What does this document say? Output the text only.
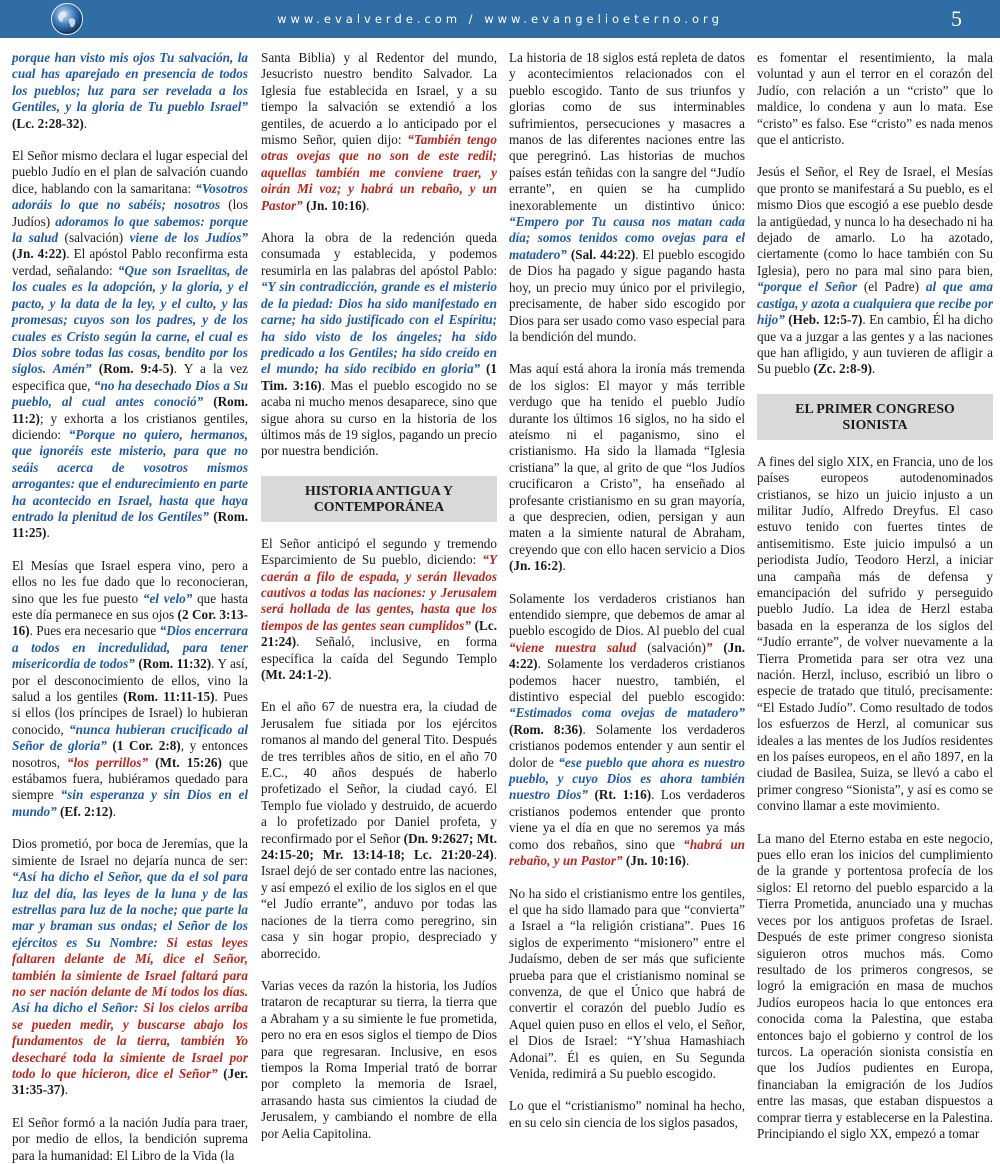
www.evalverde.com / www.evangelioeterno.org	5

porque han visto mis ojos Tu salvación, la cual has aparejado en presencia de todos los pueblos; luz para ser revelada a los Gentiles, y la gloria de Tu pueblo Israel” (Lc. 2:28-32).

El Señor mismo declara el lugar especial del pueblo Judío en el plan de salvación cuando dice, hablando con la samaritana: “Vosotros adoráis lo que no sabéis; nosotros (los Judíos) adoramos lo que sabemos: porque la salud (salvación) viene de los Judíos” (Jn. 4:22). El apóstol Pablo reconfirma esta verdad, señalando: “Que son Israelitas, de los cuales es la adopción, y la gloria, y el pacto, y la data de la ley, y el culto, y las promesas; cuyos son los padres, y de los cuales es Cristo según la carne, el cual es Dios sobre todas las cosas, bendito por los siglos. Amén” (Rom. 9:4-5). Y a la vez especifica que, “no ha desechado Dios a Su pueblo, al cual antes conoció” (Rom. 11:2); y exhorta a los cristianos gentiles, diciendo: “Porque no quiero, hermanos, que ignoréis este misterio, para que no seáis acerca de vosotros mismos arrogantes: que el endurecimiento en parte ha acontecido en Israel, hasta que haya entrado la plenitud de los Gentiles” (Rom. 11:25).

El Mesías que Israel espera vino, pero a ellos no les fue dado que lo reconocieran, sino que les fue puesto “el velo” que hasta este día permanece en sus ojos (2 Cor. 3:13-16). Pues era necesario que “Dios encerrara a todos en incredulidad, para tener misericordia de todos” (Rom. 11:32). Y así, por el desconocimiento de ellos, vino la salud a los gentiles (Rom. 11:11-15). Pues si ellos (los príncipes de Israel) lo hubieran conocido, “nunca hubieran crucificado al Señor de gloria” (1 Cor. 2:8), y entonces nosotros, “los perrillos” (Mt. 15:26) que estábamos fuera, hubiéramos quedado para siempre “sin esperanza y sin Dios en el mundo” (Ef. 2:12).

Dios prometió, por boca de Jeremías, que la simiente de Israel no dejaría nunca de ser: “Así ha dicho el Señor, que da el sol para luz del día, las leyes de la luna y de las estrellas para luz de la noche; que parte la mar y braman sus ondas; el Señor de los ejércitos es Su Nombre: Si estas leyes faltaren delante de Mí, dice el Señor, también la simiente de Israel faltará para no ser nación delante de Mí todos los días. Así ha dicho el Señor: Si los cielos arriba se pueden medir, y buscarse abajo los fundamentos de la tierra, también Yo desecharé toda la simiente de Israel por todo lo que hicieron, dice el Señor” (Jer. 31:35-37).

El Señor formó a la nación Judía para traer, por medio de ellos, la bendición suprema para la humanidad: El Libro de la Vida (la

Santa Biblia) y al Redentor del mundo, Jesucristo nuestro bendito Salvador. La Iglesia fue establecida en Israel, y a su tiempo la salvación se extendió a los gentiles, de acuerdo a lo anticipado por el mismo Señor, quien dijo: “También tengo otras ovejas que no son de este redil; aquellas también me conviene traer, y oirán Mi voz; y habrá un rebaño, y un Pastor” (Jn. 10:16).

Ahora la obra de la redención queda consumada y establecida, y podemos resumirla en las palabras del apóstol Pablo: “Y sin contradicción, grande es el misterio de la piedad: Dios ha sido manifestado en carne; ha sido justificado con el Espíritu; ha sido visto de los ángeles; ha sido predicado a los Gentiles; ha sido creído en el mundo; ha sido recibido en gloria” (1 Tim. 3:16). Mas el pueblo escogido no se acaba ni mucho menos desaparece, sino que sigue ahora su curso en la historia de los últimos más de 19 siglos, pagando un precio por nuestra bendición.

HISTORIA ANTIGUA Y CONTEMPORÁNEA

El Señor anticipó el segundo y tremendo Esparcimiento de Su pueblo, diciendo: “Y caerán a filo de espada, y serán llevados cautivos a todas las naciones: y Jerusalem será hollada de las gentes, hasta que los tiempos de las gentes sean cumplidos” (Lc. 21:24). Señaló, inclusive, en forma específica la caída del Segundo Templo (Mt. 24:1-2).

En el año 67 de nuestra era, la ciudad de Jerusalem fue sitiada por los ejércitos romanos al mando del general Tito. Después de tres terribles años de sitio, en el año 70 E.C., 40 años después de haberlo profetizado el Señor, la ciudad cayó. El Templo fue violado y destruido, de acuerdo a lo profetizado por Daniel profeta, y reconfirmado por el Señor (Dn. 9:2627; Mt. 24:15-20; Mr. 13:14-18; Lc. 21:20-24). Israel dejó de ser contado entre las naciones, y así empezó el exilio de los siglos en el que “el Judío errante”, anduvo por todas las naciones de la tierra como peregrino, sin casa y sin hogar propio, despreciado y aborrecido.

Varias veces da razón la historia, los Judíos trataron de recapturar su tierra, la tierra que a Abraham y a su simiente le fue prometida, pero no era en esos siglos el tiempo de Dios para que regresaran. Inclusive, en esos tiempos la Roma Imperial trató de borrar por completo la memoria de Israel, arrasando hasta sus cimientos la ciudad de Jerusalem, y cambiando el nombre de ella por Aelia Capitolina.

La historia de 18 siglos está repleta de datos y acontecimientos relacionados con el pueblo escogido. Tanto de sus triunfos y glorias como de sus interminables sufrimientos, persecuciones y masacres a manos de las diferentes naciones entre las que peregrinó. Las historias de muchos países están teñidas con la sangre del “Judío errante”, en quien se ha cumplido inexorablemente un distintivo único: “Empero por Tu causa nos matan cada día; somos tenidos como ovejas para el matadero” (Sal. 44:22). El pueblo escogido de Dios ha pagado y sigue pagando hasta hoy, un precio muy único por el privilegio, precisamente, de haber sido escogido por Dios para ser usado como vaso especial para la bendición del mundo.

Mas aquí está ahora la ironía más tremenda de los siglos: El mayor y más terrible verdugo que ha tenido el pueblo Judío durante los últimos 16 siglos, no ha sido el ateísmo ni el paganismo, sino el cristianismo. Ha sido la llamada “Iglesia cristiana” la que, al grito de que “los Judíos crucificaron a Cristo”, ha enseñado al profesante cristianismo en su gran mayoría, a que desprecien, odien, persigan y aun maten a la simiente natural de Abraham, creyendo que con ello hacen servicio a Dios (Jn. 16:2).

Solamente los verdaderos cristianos han entendido siempre, que debemos de amar al pueblo escogido de Dios. Al pueblo del cual “viene nuestra salud (salvación)” (Jn. 4:22). Solamente los verdaderos cristianos podemos hacer nuestro, también, el distintivo especial del pueblo escogido: “Estimados coma ovejas de matadero” (Rom. 8:36). Solamente los verdaderos cristianos podemos entender y aun sentir el dolor de “ese pueblo que ahora es nuestro pueblo, y cuyo Dios es ahora también nuestro Dios” (Rt. 1:16). Los verdaderos cristianos podemos entender que pronto viene ya el día en que no seremos ya más como dos rebaños, sino que “habrá un rebaño, y un Pastor” (Jn. 10:16).

No ha sido el cristianismo entre los gentiles, el que ha sido llamado para que “convierta” a Israel a “la religión cristiana”. Pues 16 siglos de experimento “misionero” entre el Judaísmo, deben de ser más que suficiente prueba para que el cristianismo nominal se convenza, de que el Único que habrá de convertir el corazón del pueblo Judío es Aquel quien puso en ellos el velo, el Señor, el Dios de Israel: “Y’shua Hamashiach Adonai”. Él es quien, en Su Segunda Venida, redimirá a Su pueblo escogido.

Lo que el “cristianismo” nominal ha hecho, en su celo sin ciencia de los siglos pasados,

es fomentar el resentimiento, la mala voluntad y aun el terror en el corazón del Judío, con relación a un “cristo” que lo maldice, lo condena y aun lo mata. Ese “cristo” es falso. Ese “cristo” es nada menos que el anticristo.

Jesús el Señor, el Rey de Israel, el Mesías que pronto se manifestará a Su pueblo, es el mismo Dios que escogió a ese pueblo desde la antigüedad, y nunca lo ha desechado ni ha dejado de amarlo. Lo ha azotado, ciertamente (como lo hace también con Su Iglesia), pero no para mal sino para bien, “porque el Señor (el Padre) al que ama castiga, y azota a cualquiera que recibe por hijo” (Heb. 12:5-7). En cambio, Él ha dicho que va a juzgar a las gentes y a las naciones que han afligido, y aun tuvieren de afligir a Su pueblo (Zc. 2:8-9).

EL PRIMER CONGRESO SIONISTA

A fines del siglo XIX, en Francia, uno de los países europeos autodenominados cristianos, se hizo un juicio injusto a un militar Judío, Alfredo Dreyfus. El caso estuvo tenido con fuertes tintes de antisemitismo. Este juicio impulsó a un periodista Judío, Teodoro Herzl, a iniciar una campaña más de defensa y emancipación del sufrido y perseguido pueblo Judío. La idea de Herzl estaba basada en la esperanza de los siglos del “Judío errante”, de volver nuevamente a la Tierra Prometida para ser otra vez una nación. Herzl, incluso, escribió un libro o especie de tratado que tituló, precisamente: “El Estado Judío”. Como resultado de todos los esfuerzos de Herzl, al comunicar sus ideales a las mentes de los Judíos residentes en los países europeos, en el año 1897, en la ciudad de Basilea, Suiza, se llevó a cabo el primer congreso “Sionista”, y así es como se convino llamar a este movimiento.

La mano del Eterno estaba en este negocio, pues ello eran los inicios del cumplimiento de la grande y portentosa profecía de los siglos: El retorno del pueblo esparcido a la Tierra Prometida, anunciado una y muchas veces por los antiguos profetas de Israel. Después de este primer congreso sionista siguieron otros muchos más. Como resultado de los primeros congresos, se logró la emigración en masa de muchos Judíos europeos hacia lo que entonces era conocida coma la Palestina, que estaba entonces bajo el gobierno y control de los turcos. La operación sionista consistía en que los Judíos pudientes en Europa, financiaban la emigración de los Judíos entre las masas, que estaban dispuestos a comprar tierra y establecerse en la Palestina. Principiando el siglo XX, empezó a tomar
